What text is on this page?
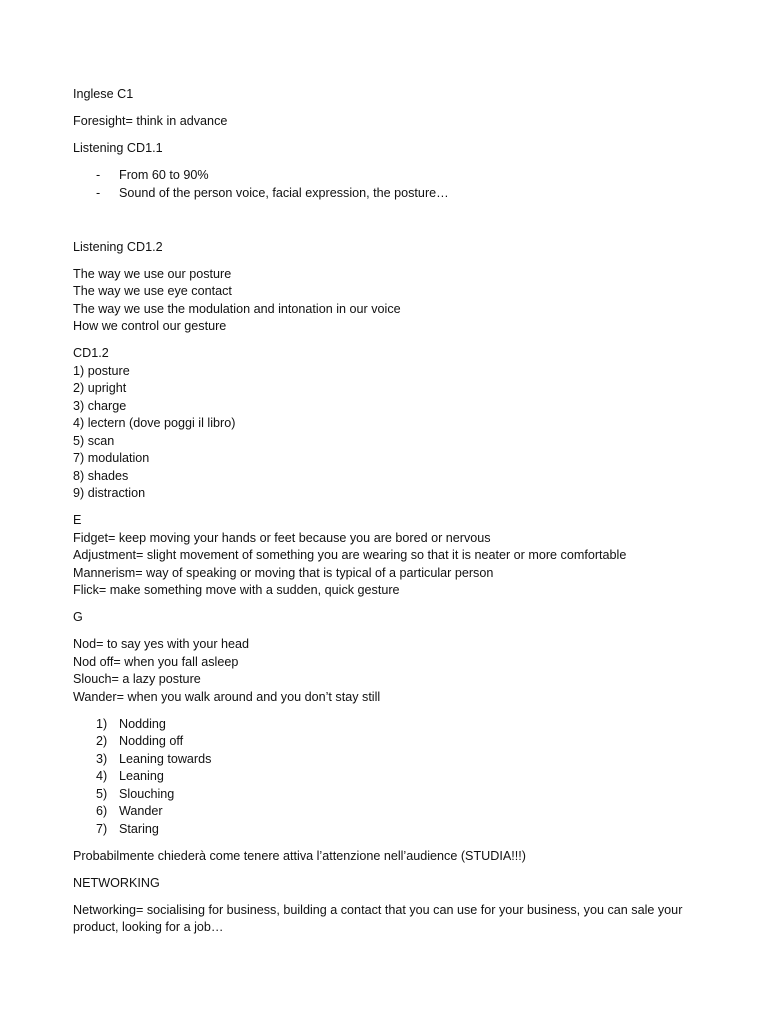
Inglese C1

Foresight= think in advance

Listening CD1.1

-	From 60 to 90%
-	Sound of the person voice, facial expression, the posture…

Listening CD1.2

The way we use our posture
The way we use eye contact
The way we use the modulation and intonation in our voice
How we control our gesture
CD1.2
1) posture
2) upright
3) charge
4) lectern (dove poggi il libro)
5) scan
7) modulation
8) shades
9) distraction
E
Fidget= keep moving your hands or feet because you are bored or nervous
Adjustment= slight movement of something you are wearing so that it is neater or more comfortable
Mannerism= way of speaking or moving that is typical of a particular person
Flick= make something move with a sudden, quick gesture

G

Nod= to say yes with your head
Nod off= when you fall asleep
Slouch= a lazy posture
Wander= when you walk around and you don’t stay still
1) Nodding
2) Nodding off
3) Leaning towards
4) Leaning
5) Slouching
6) Wander
7) Staring

Probabilmente chiederà come tenere attiva l’attenzione nell’audience (STUDIA!!!)

NETWORKING

Networking= socialising for business, building a contact that you can use for your business, you can sale your product, looking for a job…
